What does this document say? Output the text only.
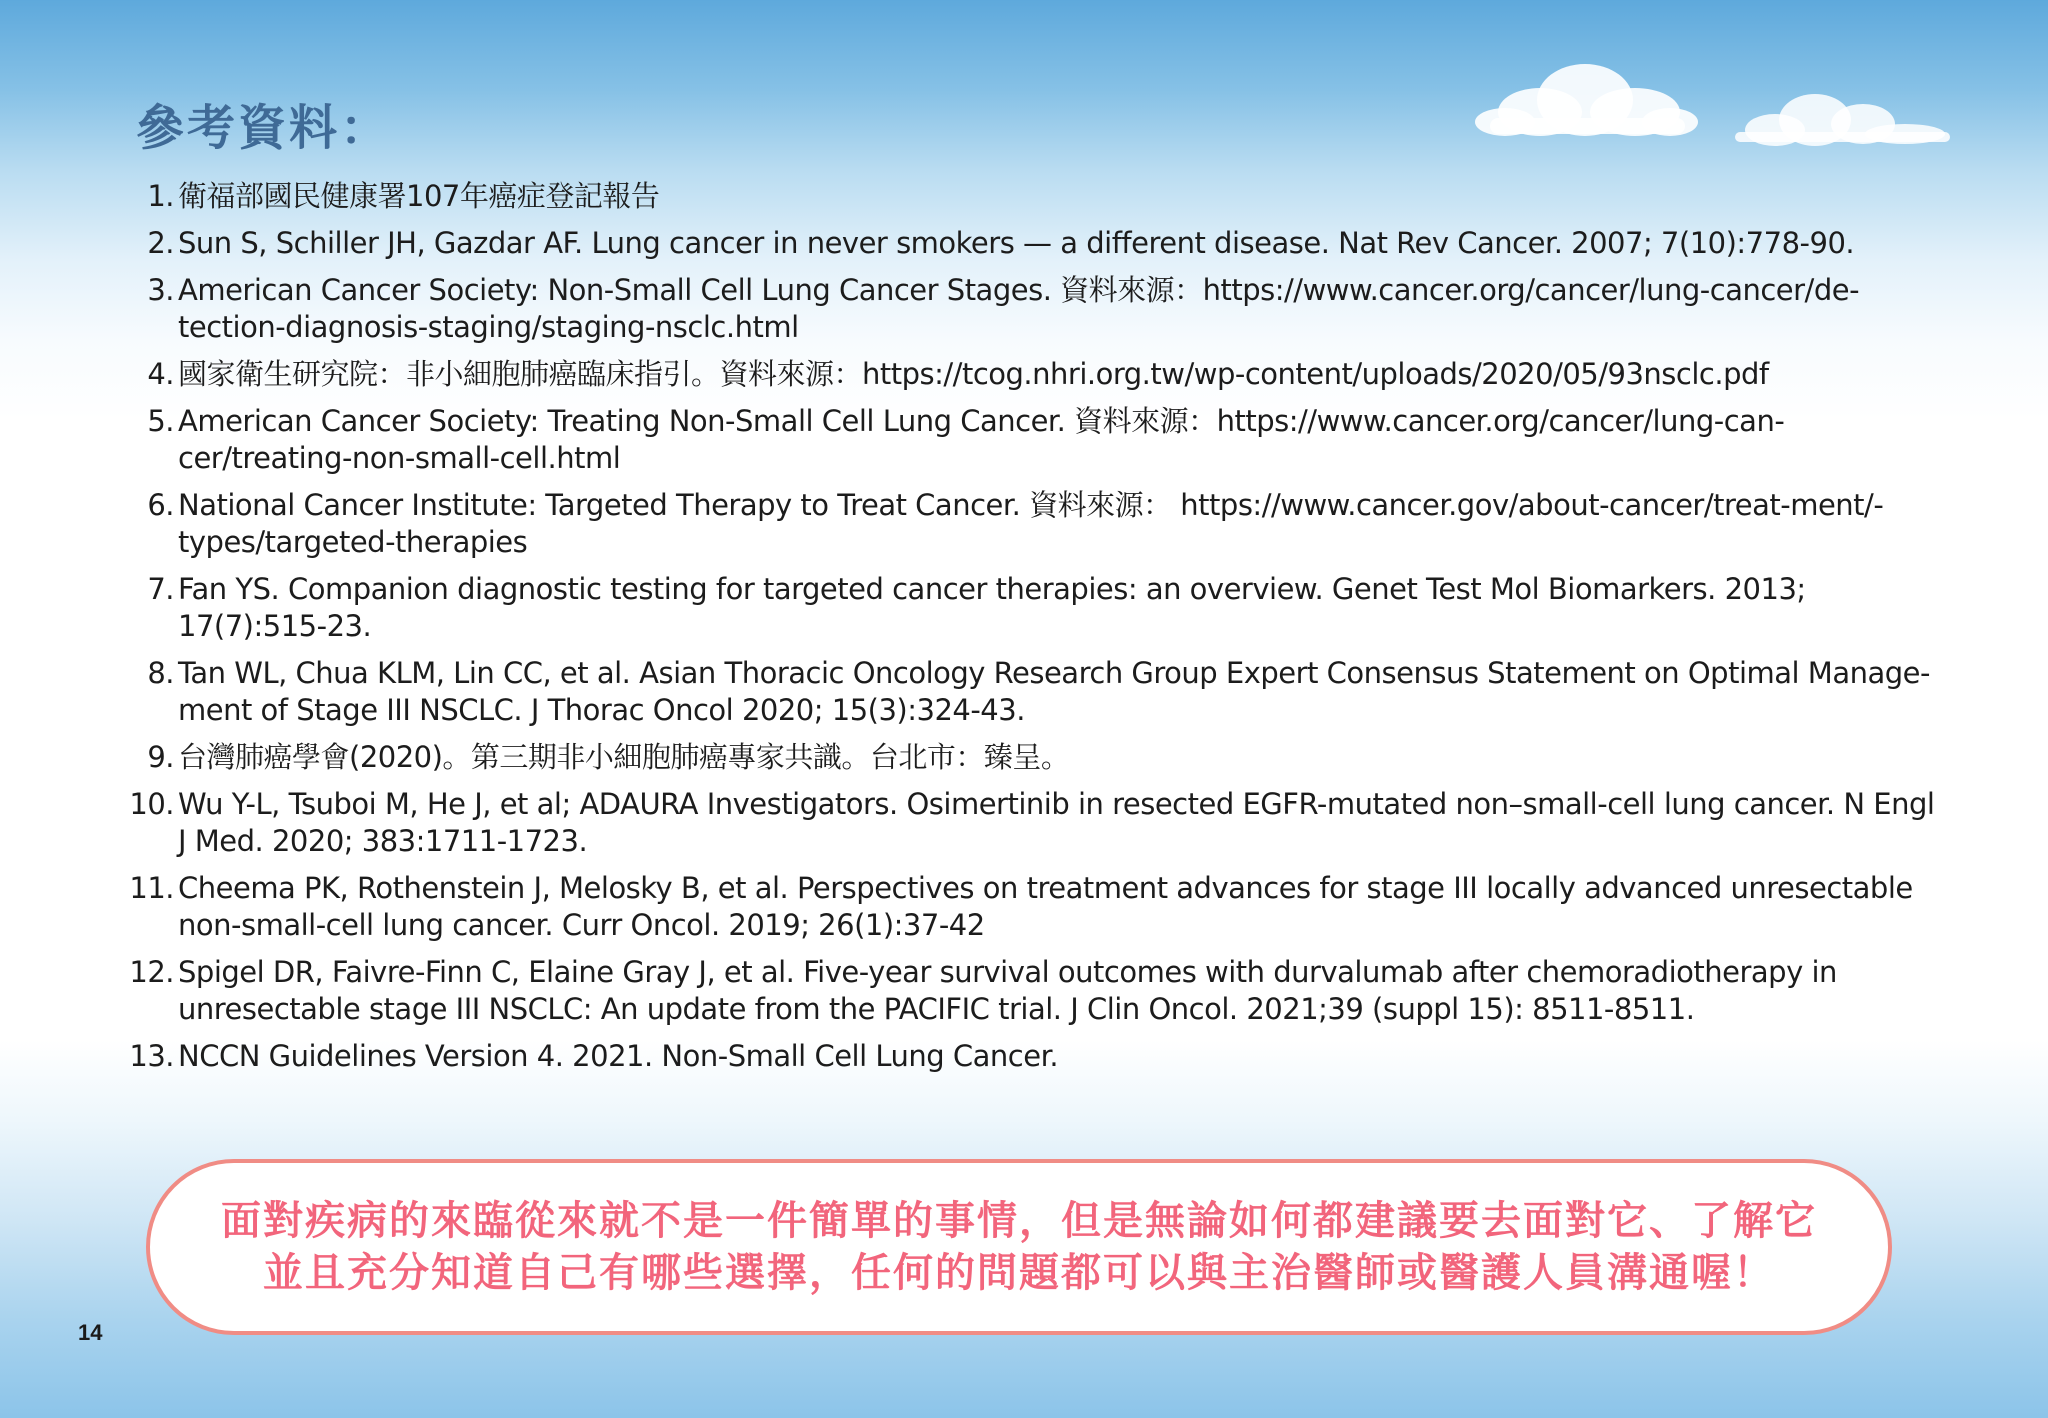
參考資料：
1. 衛福部國民健康署107年癌症登記報告
2. Sun S, Schiller JH, Gazdar AF. Lung cancer in never smokers — a different disease. Nat Rev Cancer. 2007; 7(10):778-90.
3. American Cancer Society: Non-Small Cell Lung Cancer Stages. 資料來源：https://www.cancer.org/cancer/lung-cancer/de-tection-diagnosis-staging/staging-nsclc.html
4. 國家衛生研究院：非小細胞肺癌臨床指引。資料來源：https://tcog.nhri.org.tw/wp-content/uploads/2020/05/93nsclc.pdf
5. American Cancer Society: Treating Non-Small Cell Lung Cancer. 資料來源：https://www.cancer.org/cancer/lung-can-cer/treating-non-small-cell.html
6. National Cancer Institute: Targeted Therapy to Treat Cancer. 資料來源： https://www.cancer.gov/about-cancer/treat-ment/-types/targeted-therapies
7. Fan YS. Companion diagnostic testing for targeted cancer therapies: an overview. Genet Test Mol Biomarkers. 2013; 17(7):515-23.
8. Tan WL, Chua KLM, Lin CC, et al. Asian Thoracic Oncology Research Group Expert Consensus Statement on Optimal Manage-ment of Stage III NSCLC. J Thorac Oncol 2020; 15(3):324-43.
9. 台灣肺癌學會(2020)。第三期非小細胞肺癌專家共識。台北市：臻呈。
10. Wu Y-L, Tsuboi M, He J, et al; ADAURA Investigators. Osimertinib in resected EGFR-mutated non–small-cell lung cancer. N Engl J Med. 2020; 383:1711-1723.
11. Cheema PK, Rothenstein J, Melosky B, et al. Perspectives on treatment advances for stage III locally advanced unresectable non-small-cell lung cancer. Curr Oncol. 2019; 26(1):37-42
12. Spigel DR, Faivre-Finn C, Elaine Gray J, et al. Five-year survival outcomes with durvalumab after chemoradiotherapy in unresectable stage III NSCLC: An update from the PACIFIC trial. J Clin Oncol. 2021;39 (suppl 15): 8511-8511.
13. NCCN Guidelines Version 4. 2021. Non-Small Cell Lung Cancer.
面對疾病的來臨從來就不是一件簡單的事情，但是無論如何都建議要去面對它、了解它
並且充分知道自己有哪些選擇，任何的問題都可以與主治醫師或醫護人員溝通喔！
14
